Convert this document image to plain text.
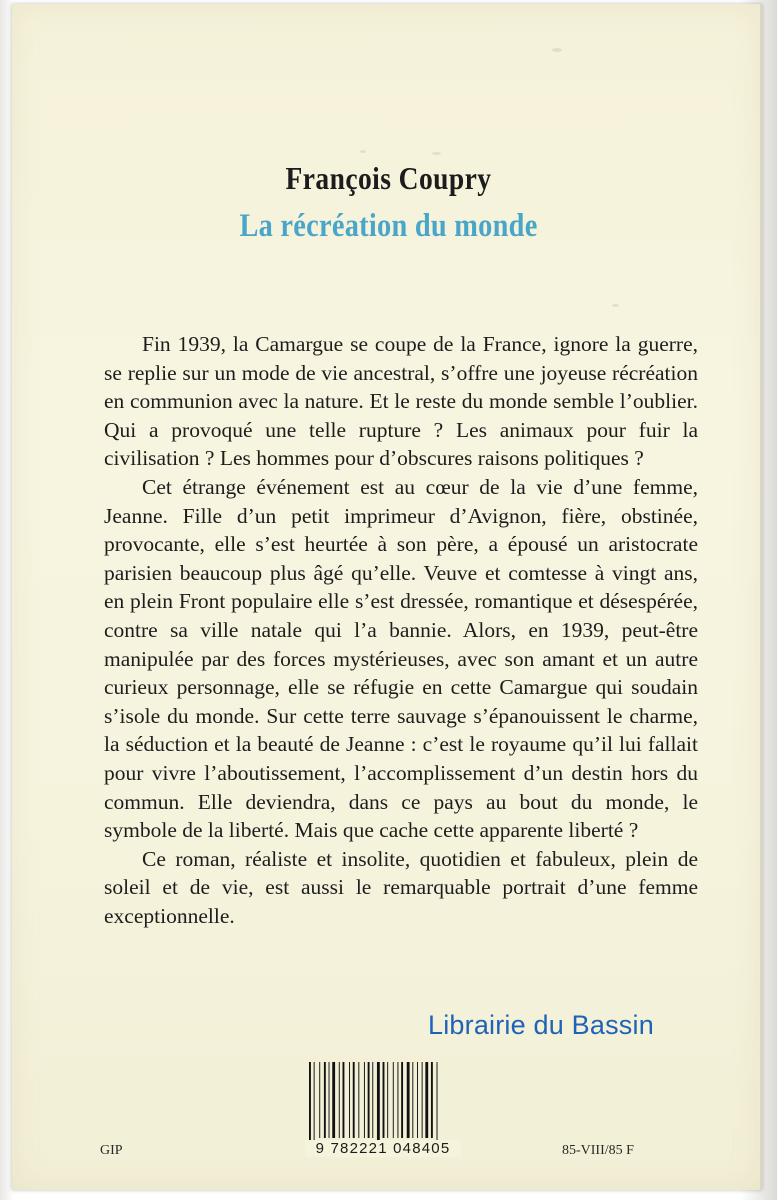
François Coupry
La récréation du monde

Fin 1939, la Camargue se coupe de la France, ignore la guerre, se replie sur un mode de vie ancestral, s’offre une joyeuse récréation en communion avec la nature. Et le reste du monde semble l’oublier. Qui a provoqué une telle rupture ? Les animaux pour fuir la civilisation ? Les hommes pour d’obscures raisons politiques ?

Cet étrange événement est au cœur de la vie d’une femme, Jeanne. Fille d’un petit imprimeur d’Avignon, fière, obstinée, provocante, elle s’est heurtée à son père, a épousé un aristocrate parisien beaucoup plus âgé qu’elle. Veuve et comtesse à vingt ans, en plein Front populaire elle s’est dressée, romantique et désespérée, contre sa ville natale qui l’a bannie. Alors, en 1939, peut-être manipulée par des forces mystérieuses, avec son amant et un autre curieux personnage, elle se réfugie en cette Camargue qui soudain s’isole du monde. Sur cette terre sauvage s’épanouissent le charme, la séduction et la beauté de Jeanne : c’est le royaume qu’il lui fallait pour vivre l’aboutissement, l’accomplissement d’un destin hors du commun. Elle deviendra, dans ce pays au bout du monde, le symbole de la liberté. Mais que cache cette apparente liberté ?

Ce roman, réaliste et insolite, quotidien et fabuleux, plein de soleil et de vie, est aussi le remarquable portrait d’une femme exceptionnelle.

Librairie du Bassin
9 782221 048405
GIP	85-VIII/85 F
